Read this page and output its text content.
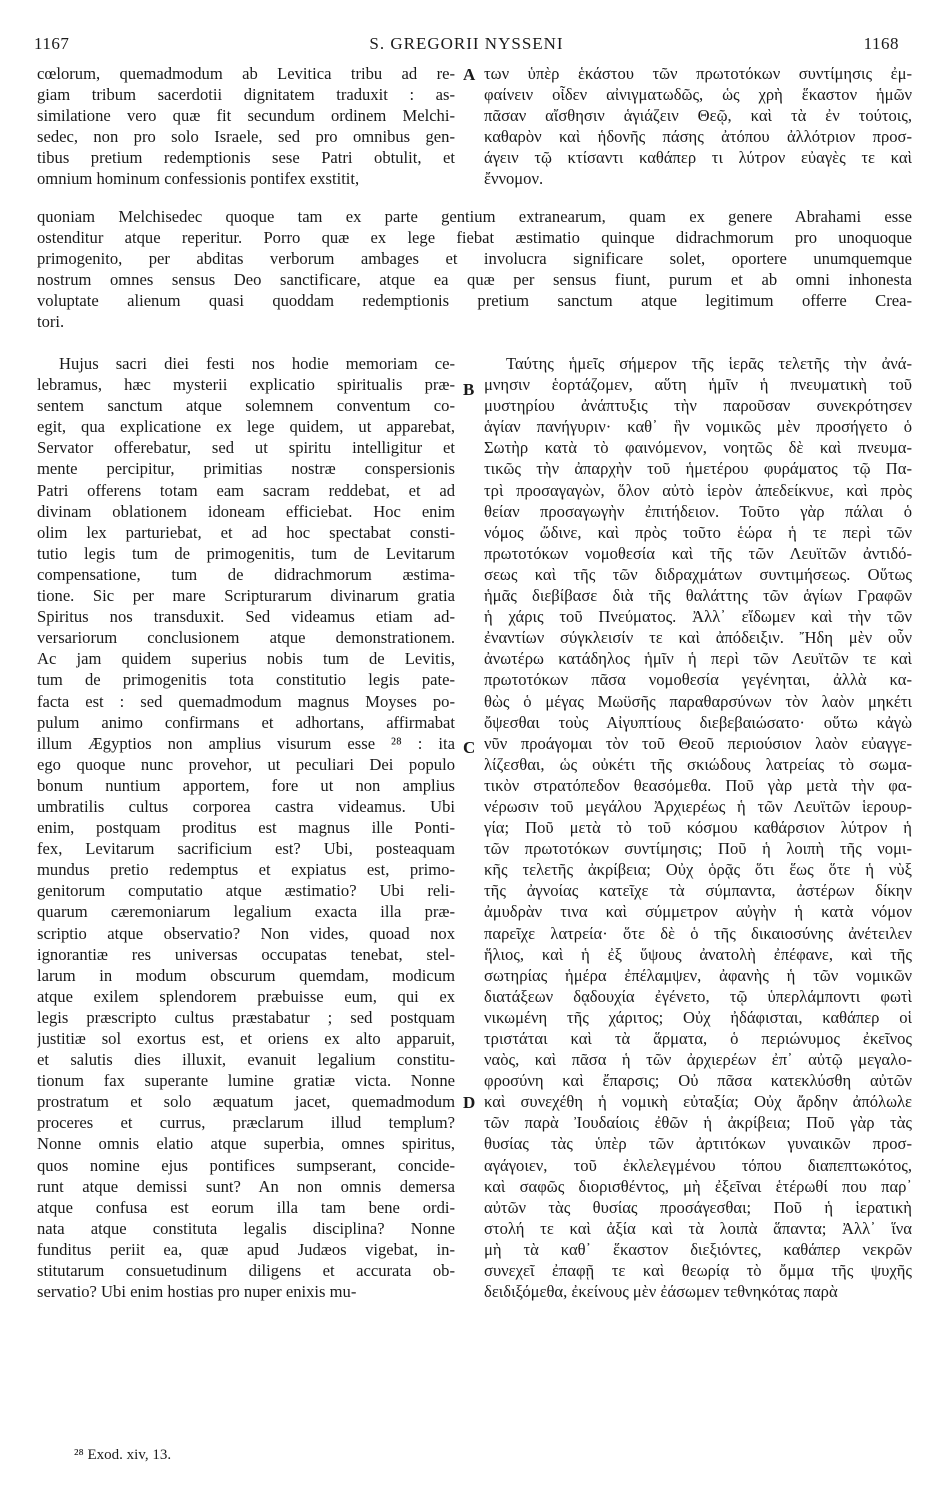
1167	S. GREGORII NYSSENI	1168
A
B
C
D
cœlorum, quemadmodum ab Levitica tribu ad re-
giam tribum sacerdotii dignitatem traduxit : as-
similatione vero quæ fit secundum ordinem Melchi-
sedec, non pro solo Israele, sed pro omnibus gen-
tibus pretium redemptionis sese Patri obtulit, et
omnium hominum confessionis pontifex exstitit,
των ὑπὲρ ἑκάστου τῶν πρωτοτόκων συντίμησις ἐμ-
φαίνειν οἶδεν αἰνιγματωδῶς, ὡς χρὴ ἕκαστον ἡμῶν
πᾶσαν αἴσθησιν ἁγιάζειν Θεῷ, καὶ τὰ ἐν τούτοις,
καθαρὸν καὶ ἡδονῆς πάσης ἀτόπου ἀλλότριον προσ-
άγειν τῷ κτίσαντι καθάπερ τι λύτρον εὐαγὲς τε καὶ
ἔννομον.
quoniam Melchisedec quoque tam ex parte gentium extranearum, quam ex genere Abrahami esse
ostenditur atque reperitur. Porro quæ ex lege fiebat æstimatio quinque didrachmorum pro unoquoque
primogenito, per abditas verborum ambages et involucra significare solet, oportere unumquemque
nostrum omnes sensus Deo sanctificare, atque ea quæ per sensus fiunt, purum et ab omni inhonesta
voluptate alienum quasi quoddam redemptionis pretium sanctum atque legitimum offerre Crea-
tori.
Hujus sacri diei festi nos hodie memoriam ce-
lebramus, hæc mysterii explicatio spiritualis præ-
sentem sanctum atque solemnem conventum co-
egit, qua explicatione ex lege quidem, ut apparebat,
Servator offerebatur, sed ut spiritu intelligitur et
mente percipitur, primitias nostræ conspersionis
Patri offerens totam eam sacram reddebat, et ad
divinam oblationem idoneam efficiebat. Hoc enim
olim lex parturiebat, et ad hoc spectabat consti-
tutio legis tum de primogenitis, tum de Levitarum
compensatione, tum de didrachmorum æstima-
tione. Sic per mare Scripturarum divinarum gratia
Spiritus nos transduxit. Sed videamus etiam ad-
versariorum conclusionem atque demonstrationem.
Ac jam quidem superius nobis tum de Levitis,
tum de primogenitis tota constitutio legis pate-
facta est : sed quemadmodum magnus Moyses po-
pulum animo confirmans et adhortans, affirmabat
illum Ægyptios non amplius visurum esse ²⁸ : ita
ego quoque nunc provehor, ut peculiari Dei populo
bonum nuntium apportem, fore ut non amplius
umbratilis cultus corporea castra videamus. Ubi
enim, postquam proditus est magnus ille Ponti-
fex, Levitarum sacrificium est? Ubi, posteaquam
mundus pretio redemptus et expiatus est, primo-
genitorum computatio atque æstimatio? Ubi reli-
quarum cæremoniarum legalium exacta illa præ-
scriptio atque observatio? Non vides, quoad nox
ignorantiæ res universas occupatas tenebat, stel-
larum in modum obscurum quemdam, modicum
atque exilem splendorem præbuisse eum, qui ex
legis præscripto cultus præstabatur ; sed postquam
justitiæ sol exortus est, et oriens ex alto apparuit,
et salutis dies illuxit, evanuit legalium constitu-
tionum fax superante lumine gratiæ victa. Nonne
prostratum et solo æquatum jacet, quemadmodum
proceres et currus, præclarum illud templum?
Nonne omnis elatio atque superbia, omnes spiritus,
quos nomine ejus pontifices sumpserant, concide-
runt atque demissi sunt? An non omnis demersa
atque confusa est eorum illa tam bene ordi-
nata atque constituta legalis disciplina? Nonne
funditus periit ea, quæ apud Judæos vigebat, in-
stitutarum consuetudinum diligens et accurata ob-
servatio? Ubi enim hostias pro nuper enixis mu-
Ταύτης ἡμεῖς σήμερον τῆς ἱερᾶς τελετῆς τὴν ἀνά-
μνησιν ἑορτάζομεν, αὕτη ἡμῖν ἡ πνευματικὴ τοῦ
μυστηρίου ἀνάπτυξις τὴν παροῦσαν συνεκρότησεν
ἁγίαν πανήγυριν· καθ᾽ ἣν νομικῶς μὲν προσήγετο ὁ
Σωτὴρ κατὰ τὸ φαινόμενον, νοητῶς δὲ καὶ πνευμα-
τικῶς τὴν ἀπαρχὴν τοῦ ἡμετέρου φυράματος τῷ Πα-
τρὶ προσαγαγὼν, ὅλον αὐτὸ ἱερὸν ἀπεδείκνυε, καὶ πρὸς
θείαν προσαγωγὴν ἐπιτήδειον. Τοῦτο γὰρ πάλαι ὁ
νόμος ὤδινε, καὶ πρὸς τοῦτο ἑώρα ἡ τε περὶ τῶν
πρωτοτόκων νομοθεσία καὶ τῆς τῶν Λευϊτῶν ἀντιδό-
σεως καὶ τῆς τῶν διδραχμάτων συντιμήσεως. Οὕτως
ἡμᾶς διεβίβασε διὰ τῆς θαλάττης τῶν ἁγίων Γραφῶν
ἡ χάρις τοῦ Πνεύματος. Ἀλλ᾽ εἴδωμεν καὶ τὴν τῶν
ἐναντίων σύγκλεισίν τε καὶ ἀπόδειξιν. Ἤδη μὲν οὖν
ἀνωτέρω κατάδηλος ἡμῖν ἡ περὶ τῶν Λευϊτῶν τε καὶ
πρωτοτόκων πᾶσα νομοθεσία γεγένηται, ἀλλὰ κα-
θὼς ὁ μέγας Μωϋσῆς παραθαρσύνων τὸν λαὸν μηκέτι
ὄψεσθαι τοὺς Αἰγυπτίους διεβεβαιώσατο· οὕτω κἀγὼ
νῦν προάγομαι τὸν τοῦ Θεοῦ περιούσιον λαὸν εὐαγγε-
λίζεσθαι, ὡς οὐκέτι τῆς σκιώδους λατρείας τὸ σωμα-
τικὸν στρατόπεδον θεασόμεθα. Ποῦ γὰρ μετὰ τὴν φα-
νέρωσιν τοῦ μεγάλου Ἀρχιερέως ἡ τῶν Λευϊτῶν ἱερουρ-
γία; Ποῦ μετὰ τὸ τοῦ κόσμου καθάρσιον λύτρον ἡ
τῶν πρωτοτόκων συντίμησις; Ποῦ ἡ λοιπὴ τῆς νομι-
κῆς τελετῆς ἀκρίβεια; Οὐχ ὁρᾷς ὅτι ἕως ὅτε ἡ νὺξ
τῆς ἀγνοίας κατεῖχε τὰ σύμπαντα, ἀστέρων δίκην
ἀμυδρὰν τινα καὶ σύμμετρον αὐγὴν ἡ κατὰ νόμον
παρεῖχε λατρεία· ὅτε δὲ ὁ τῆς δικαιοσύνης ἀνέτειλεν
ἥλιος, καὶ ἡ ἐξ ὕψους ἀνατολὴ ἐπέφανε, καὶ τῆς
σωτηρίας ἡμέρα ἐπέλαμψεν, ἀφανὴς ἡ τῶν νομικῶν
διατάξεων δᾳδουχία ἐγένετο, τῷ ὑπερλάμποντι φωτὶ
νικωμένη τῆς χάριτος; Οὐχ ἠδάφισται, καθάπερ οἱ
τριστάται καὶ τὰ ἅρματα, ὁ περιώνυμος ἐκεῖνος
ναὸς, καὶ πᾶσα ἡ τῶν ἀρχιερέων ἐπ᾽ αὐτῷ μεγαλο-
φροσύνη καὶ ἔπαρσις; Οὐ πᾶσα κατεκλύσθη αὐτῶν
καὶ συνεχέθη ἡ νομικὴ εὐταξία; Οὐχ ἄρδην ἀπόλωλε
τῶν παρὰ Ἰουδαίοις ἐθῶν ἡ ἀκρίβεια; Ποῦ γὰρ τὰς
θυσίας τὰς ὑπὲρ τῶν ἀρτιτόκων γυναικῶν προσ-
αγάγοιεν, τοῦ ἐκλελεγμένου τόπου διαπεπτωκότος,
καὶ σαφῶς διορισθέντος, μὴ ἐξεῖναι ἑτέρωθί που παρ᾽
αὐτῶν τὰς θυσίας προσάγεσθαι; Ποῦ ἡ ἱερατικὴ
στολή τε καὶ ἀξία καὶ τὰ λοιπὰ ἅπαντα; Ἀλλ᾽ ἵνα
μὴ τὰ καθ᾽ ἕκαστον διεξιόντες, καθάπερ νεκρῶν
συνεχεῖ ἐπαφῇ τε καὶ θεωρίᾳ τὸ ὄμμα τῆς ψυχῆς
δειδιξόμεθα, ἐκείνους μὲν ἐάσωμεν τεθνηκότας παρὰ
²⁸ Exod. xiv, 13.
